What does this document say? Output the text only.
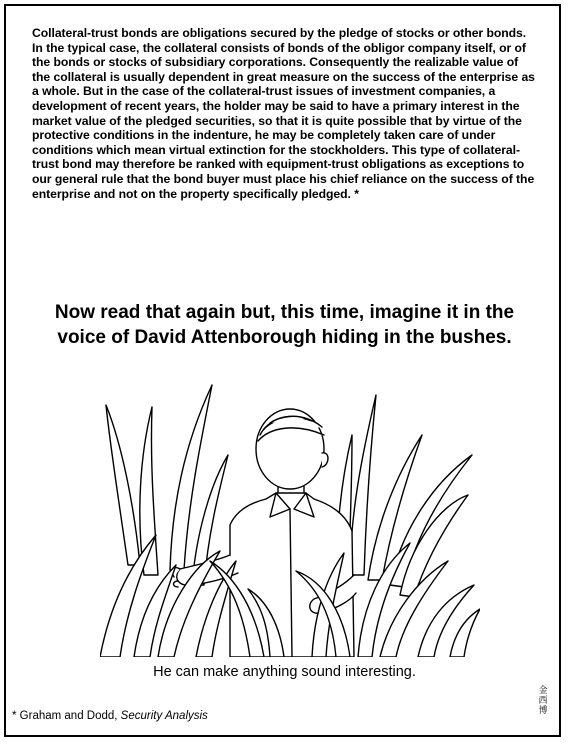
Collateral-trust bonds are obligations secured by the pledge of stocks or other bonds. In the typical case, the collateral consists of bonds of the obligor company itself, or of the bonds or stocks of subsidiary corporations. Consequently the realizable value of the collateral is usually dependent in great measure on the success of the enterprise as a whole. But in the case of the collateral-trust issues of investment companies, a development of recent years, the holder may be said to have a primary interest in the market value of the pledged securities, so that it is quite possible that by virtue of the protective conditions in the indenture, he may be completely taken care of under conditions which mean virtual extinction for the stockholders. This type of collateral-trust bond may therefore be ranked with equipment-trust obligations as exceptions to our general rule that the bond buyer must place his chief reliance on the success of the enterprise and not on the property specifically pledged. *

Now read that again but, this time, imagine it in the
voice of David Attenborough hiding in the bushes.

He can make anything sound interesting.

* Graham and Dodd, Security Analysis

金西博
